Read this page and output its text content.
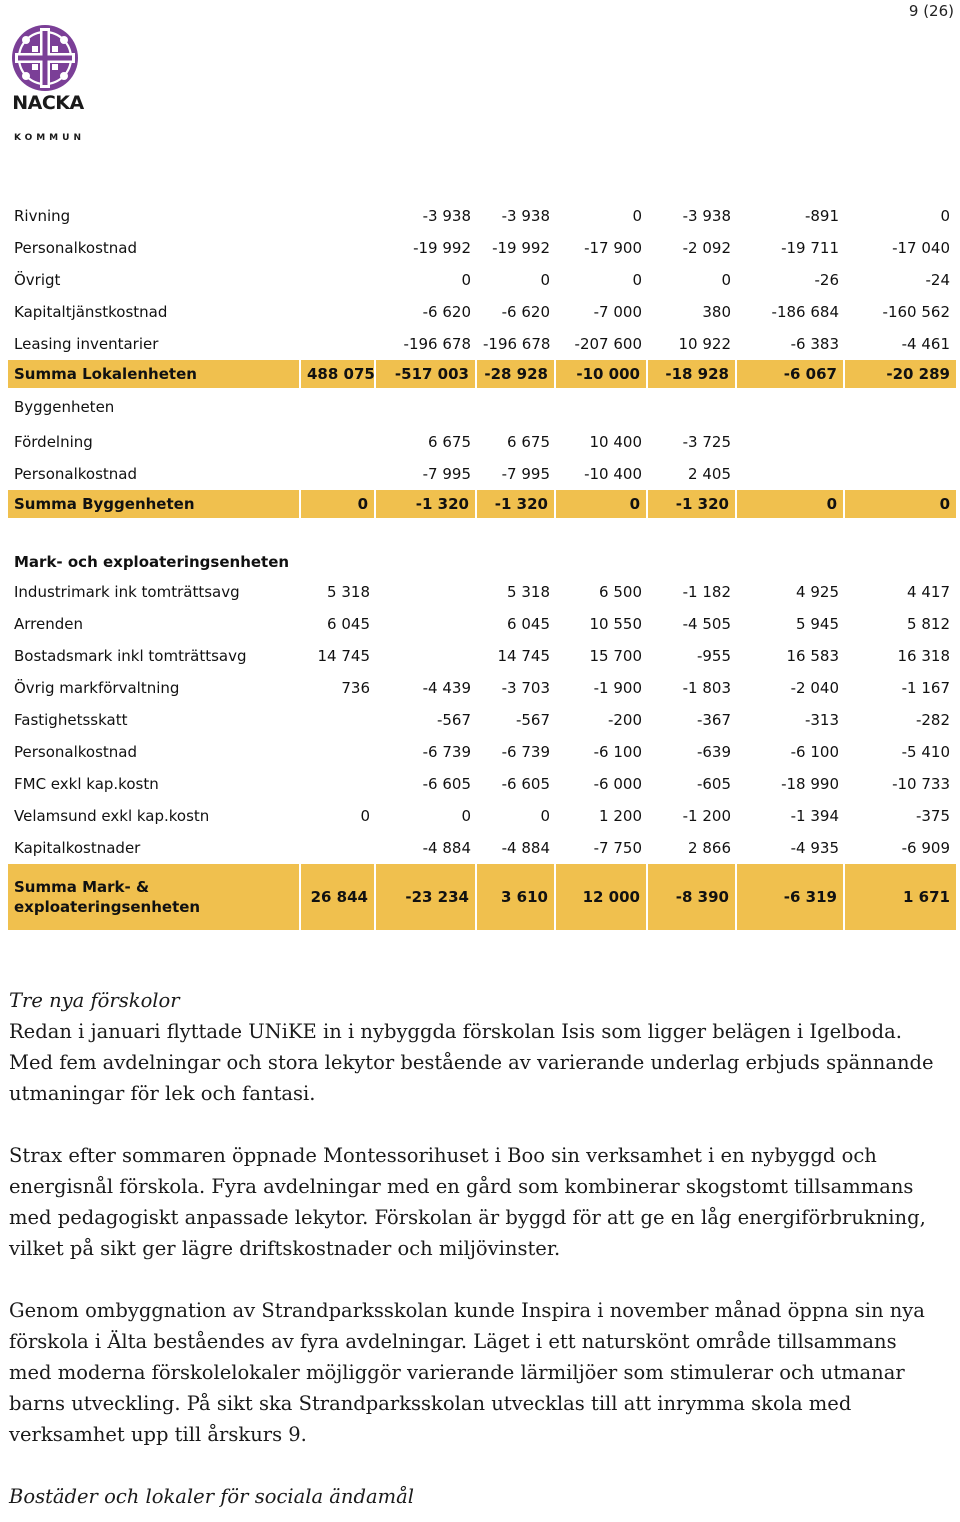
9 (26)
NACKA
KOMMUN
Rivning		-3 938	-3 938	0	-3 938	-891	0
Personalkostnad		-19 992	-19 992	-17 900	-2 092	-19 711	-17 040
Övrigt		0	0	0	0	-26	-24
Kapitaltjänstkostnad		-6 620	-6 620	-7 000	380	-186 684	-160 562
Leasing inventarier		-196 678	-196 678	-207 600	10 922	-6 383	-4 461
Summa Lokalenheten	488 075	-517 003	-28 928	-10 000	-18 928	-6 067	-20 289
Byggenheten							
Fördelning		6 675	6 675	10 400	-3 725		
Personalkostnad		-7 995	-7 995	-10 400	2 405		
Summa Byggenheten	0	-1 320	-1 320	0	-1 320	0	0
Mark- och exploateringsenheten							
Industrimark ink tomträttsavg	5 318		5 318	6 500	-1 182	4 925	4 417
Arrenden	6 045		6 045	10 550	-4 505	5 945	5 812
Bostadsmark inkl tomträttsavg	14 745		14 745	15 700	-955	16 583	16 318
Övrig markförvaltning	736	-4 439	-3 703	-1 900	-1 803	-2 040	-1 167
Fastighetsskatt		-567	-567	-200	-367	-313	-282
Personalkostnad		-6 739	-6 739	-6 100	-639	-6 100	-5 410
FMC exkl kap.kostn		-6 605	-6 605	-6 000	-605	-18 990	-10 733
Velamsund exkl kap.kostn	0	0	0	1 200	-1 200	-1 394	-375
Kapitalkostnader		-4 884	-4 884	-7 750	2 866	-4 935	-6 909
Summa Mark- & exploateringsenheten	26 844	-23 234	3 610	12 000	-8 390	-6 319	1 671

Tre nya förskolor

Redan i januari flyttade UNiKE in i nybyggda förskolan Isis som ligger belägen i Igelboda. Med fem avdelningar och stora lekytor bestående av varierande underlag erbjuds spännande utmaningar för lek och fantasi.

Strax efter sommaren öppnade Montessorihuset i Boo sin verksamhet i en nybyggd och energisnål förskola. Fyra avdelningar med en gård som kombinerar skogstomt tillsammans med pedagogiskt anpassade lekytor. Förskolan är byggd för att ge en låg energiförbrukning, vilket på sikt ger lägre driftskostnader och miljövinster.

Genom ombyggnation av Strandparksskolan kunde Inspira i november månad öppna sin nya förskola i Älta beståendes av fyra avdelningar. Läget i ett naturskönt område tillsammans med moderna förskolelokaler möjliggör varierande lärmiljöer som stimulerar och utmanar barns utveckling. På sikt ska Strandparksskolan utvecklas till att inrymma skola med verksamhet upp till årskurs 9.

Bostäder och lokaler för sociala ändamål
